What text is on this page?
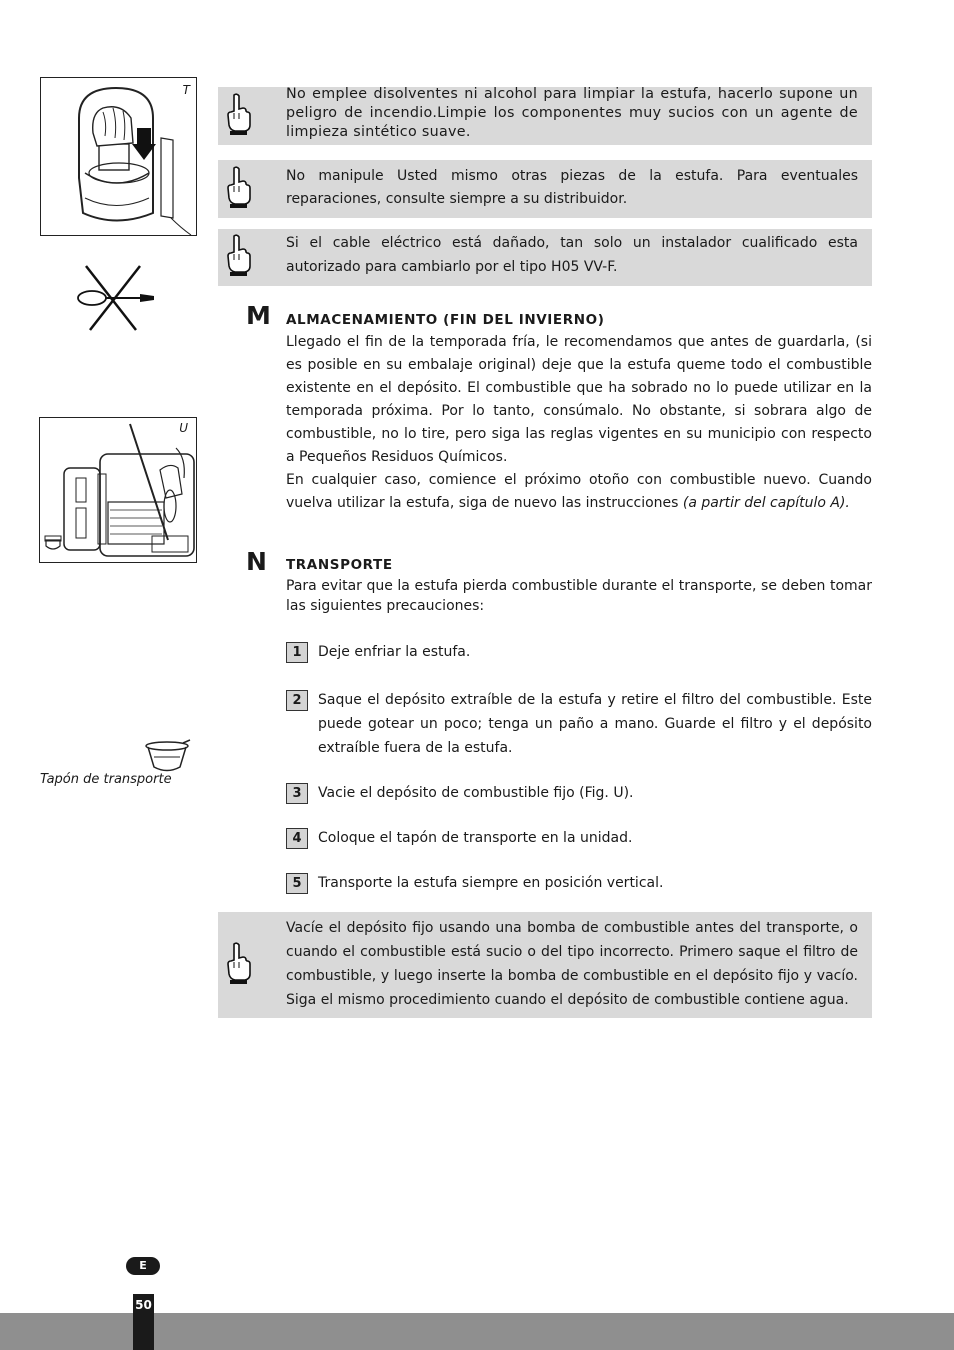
T
U
Tapón de transporte
No emplee disolventes ni alcohol para limpiar la estufa, hacerlo supone un peligro de incendio.Limpie los componentes muy sucios con un agente de limpieza sintético suave.
No manipule Usted mismo otras piezas de la estufa. Para eventuales reparaciones, consulte siempre a su distribuidor.
Si el cable eléctrico está dañado, tan solo un instalador cualificado esta autorizado para cambiarlo por el tipo H05 VV-F.
M ALMACENAMIENTO (FIN DEL INVIERNO)

Llegado el fin de la temporada fría, le recomendamos que antes de guardarla, (si es posible en su embalaje original) deje que la estufa queme todo el combustible existente en el depósito. El combustible que ha sobrado no lo puede utilizar en la temporada próxima. Por lo tanto, consúmalo. No obstante, si sobrara algo de combustible, no lo tire, pero siga las reglas vigentes en su municipio con respecto a Pequeños Residuos Químicos.

En cualquier caso, comience el próximo otoño con combustible nuevo. Cuando vuelva utilizar la estufa, siga de nuevo las instrucciones (a partir del capítulo A).

N TRANSPORTE
Para evitar que la estufa pierda combustible durante el transporte, se deben tomar las siguientes precauciones:
1	Deje enfriar la estufa.
2	Saque el depósito extraíble de la estufa y retire el filtro del combustible. Este puede gotear un poco; tenga un paño a mano. Guarde el filtro y el depósito extraíble fuera de la estufa.
3	Vacie el depósito de combustible fijo (Fig. U).
4	Coloque el tapón de transporte en la unidad.
5	Transporte la estufa siempre en posición vertical.
Vacíe el depósito fijo usando una bomba de combustible antes del transporte, o cuando el combustible está sucio o del tipo incorrecto. Primero saque el filtro de combustible, y luego inserte la bomba de combustible en el depósito fijo y vacío. Siga el mismo procedimiento cuando el depósito de combustible contiene agua.
E
50
